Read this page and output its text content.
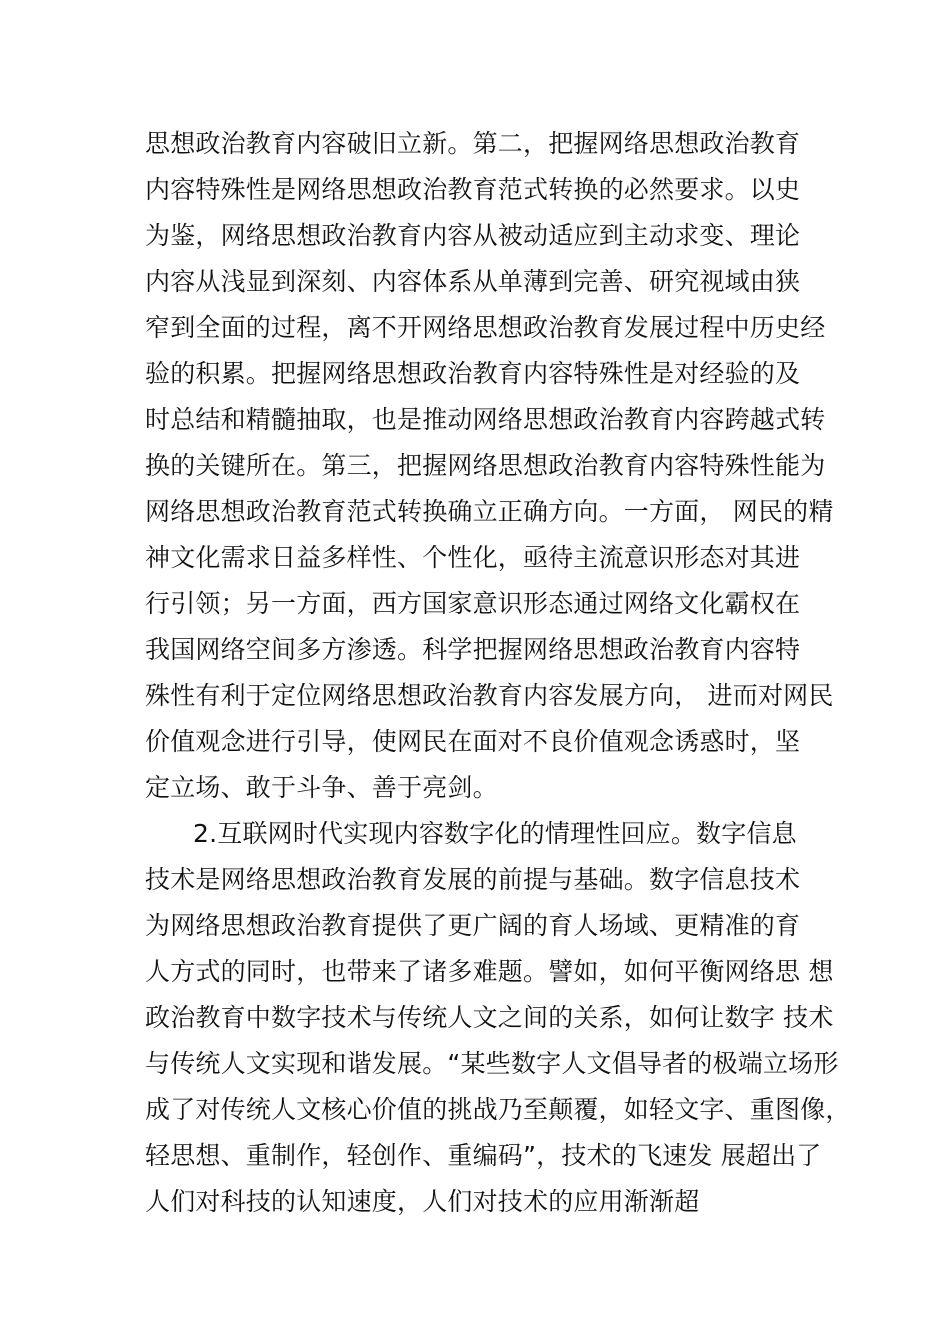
思想政治教育内容破旧立新。第二，把握网络思想政治教育
内容特殊性是网络思想政治教育范式转换的必然要求。以史
为鉴，网络思想政治教育内容从被动适应到主动求变、理论
内容从浅显到深刻、内容体系从单薄到完善、研究视域由狭
窄到全面的过程，离不开网络思想政治教育发展过程中历史经
验的积累。把握网络思想政治教育内容特殊性是对经验的及
时总结和精髓抽取，也是推动网络思想政治教育内容跨越式转
换的关键所在。第三，把握网络思想政治教育内容特殊性能为
网络思想政治教育范式转换确立正确方向。一方面， 网民的精
神文化需求日益多样性、个性化，亟待主流意识形态对其进
行引领；另一方面，西方国家意识形态通过网络文化霸权在
我国网络空间多方渗透。科学把握网络思想政治教育内容特
殊性有利于定位网络思想政治教育内容发展方向， 进而对网民
价值观念进行引导，使网民在面对不良价值观念诱惑时，坚
定立场、敢于斗争、善于亮剑。
2.互联网时代实现内容数字化的情理性回应。数字信息
技术是网络思想政治教育发展的前提与基础。数字信息技术
为网络思想政治教育提供了更广阔的育人场域、更精准的育
人方式的同时，也带来了诸多难题。譬如，如何平衡网络思 想
政治教育中数字技术与传统人文之间的关系，如何让数字 技术
与传统人文实现和谐发展。“某些数字人文倡导者的极端立场形
成了对传统人文核心价值的挑战乃至颠覆，如轻文字、重图像，
轻思想、重制作，轻创作、重编码”，技术的飞速发 展超出了
人们对科技的认知速度，人们对技术的应用渐渐超
